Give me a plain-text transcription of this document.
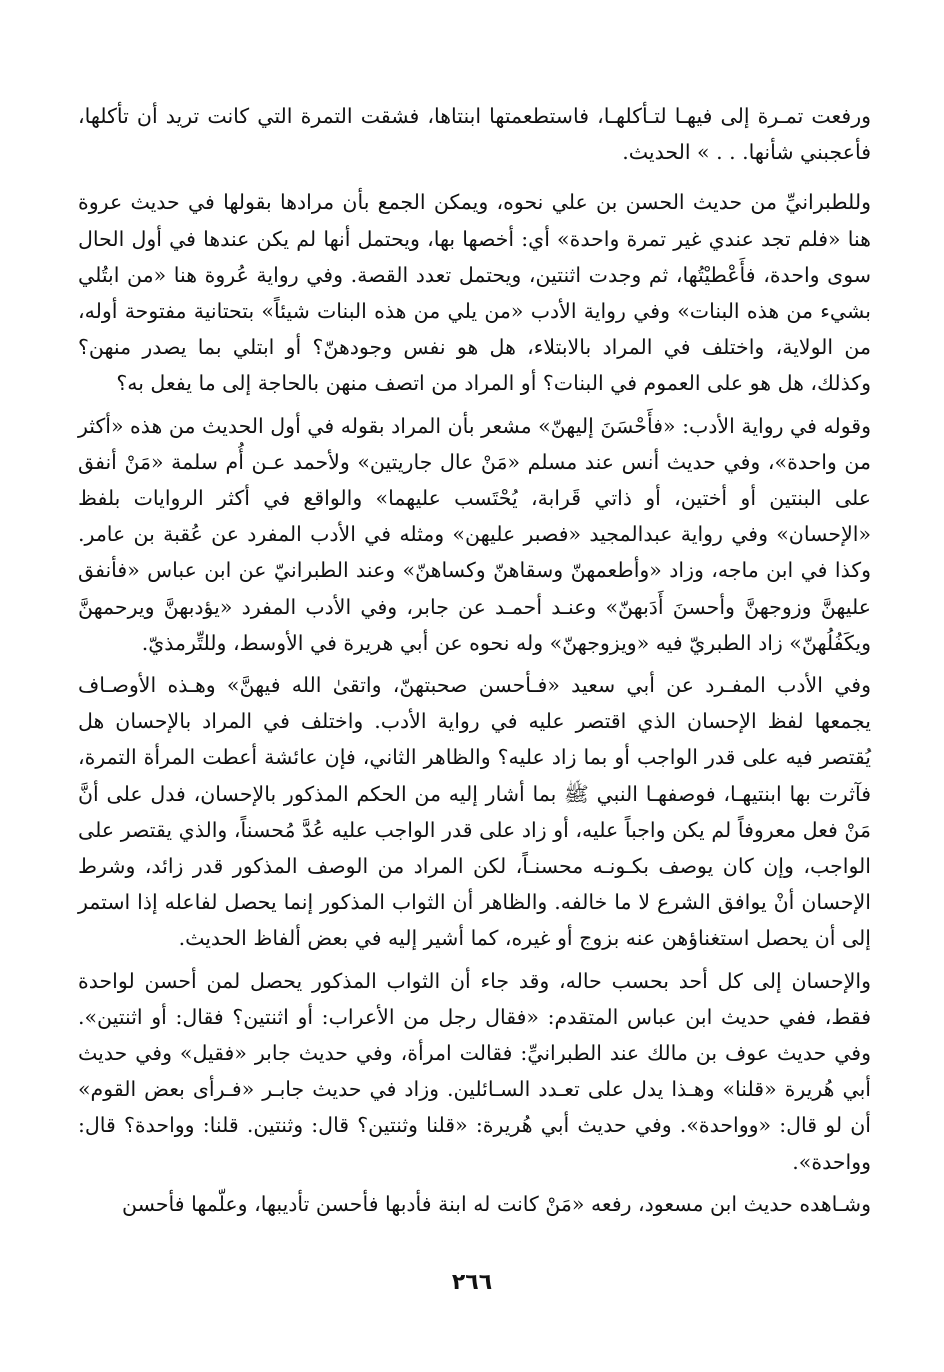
ورفعت تمـرة إلى فيهـا لتـأكلهـا، فاستطعمتها ابنتاها، فشقت التمرة التي كانت تريد أن تأكلها، فأعجبني شأنها. . . » الحديث.

وللطبرانيِّ من حديث الحسن بن علي نحوه، ويمكن الجمع بأن مرادها بقولها في حديث عروة هنا «فلم تجد عندي غير تمرة واحدة» أي: أخصها بها، ويحتمل أنها لم يكن عندها في أول الحال سوى واحدة، فأَعْطيْتُها، ثم وجدت اثنتين، ويحتمل تعدد القصة. وفي رواية عُروة هنا «من ابتُلي بشيء من هذه البنات» وفي رواية الأدب «من يلي من هذه البنات شيئاً» بتحتانية مفتوحة أوله، من الولاية، واختلف في المراد بالابتلاء، هل هو نفس وجودهنّ؟ أو ابتلي بما يصدر منهن؟ وكذلك، هل هو على العموم في البنات؟ أو المراد من اتصف منهن بالحاجة إلى ما يفعل به؟

وقوله في رواية الأدب: «فأَحْسَنَ إليهنّ» مشعر بأن المراد بقوله في أول الحديث من هذه «أكثر من واحدة»، وفي حديث أنس عند مسلم «مَنْ عال جاريتين» ولأحمد عـن أُم سلمة «مَنْ أنفق على البنتين أو أختين، أو ذاتي قَرابة، يُحْتَسب عليهما» والواقع في أكثر الروايات بلفظ «الإحسان» وفي رواية عبدالمجيد «فصبر عليهن» ومثله في الأدب المفرد عن عُقبة بن عامر. وكذا في ابن ماجه، وزاد «وأطعمهنّ وسقاهنّ وكساهنّ» وعند الطبرانيّ عن ابن عباس «فأنفق عليهنَّ وزوجهنَّ وأحسنَ أَدَبهنّ» وعنـد أحمـد عن جابر، وفي الأدب المفرد «يؤدبهنَّ ويرحمهنَّ ويكَفُلُهنّ» زاد الطبريّ فيه «ويزوجهنّ» وله نحوه عن أبي هريرة في الأوسط، وللتِّرمذيّ.

وفي الأدب المفـرد عن أبي سعيد «فـأحسن صحبتهنّ، واتقىٰ الله فيهنَّ» وهـذه الأوصـاف يجمعها لفظ الإحسان الذي اقتصر عليه في رواية الأدب. واختلف في المراد بالإحسان هل يُقتصر فيه على قدر الواجب أو بما زاد عليه؟ والظاهر الثاني، فإن عائشة أعطت المرأة التمرة، فآثرت بها ابنتيهـا، فوصفهـا النبي ﷺ بما أشار إليه من الحكم المذكور بالإحسان، فدل على أنَّ مَنْ فعل معروفاً لم يكن واجباً عليه، أو زاد على قدر الواجب عليه عُدَّ مُحسناً، والذي يقتصر على الواجب، وإن كان يوصف بكـونـه محسنـاً، لكن المراد من الوصف المذكور قدر زائد، وشرط الإحسان أنْ يوافق الشرع لا ما خالفه. والظاهر أن الثواب المذكور إنما يحصل لفاعله إذا استمر إلى أن يحصل استغناؤهن عنه بزوج أو غيره، كما أشير إليه في بعض ألفاظ الحديث.

والإحسان إلى كل أحد بحسب حاله، وقد جاء أن الثواب المذكور يحصل لمن أحسن لواحدة فقط، ففي حديث ابن عباس المتقدم: «فقال رجل من الأعراب: أو اثنتين؟ فقال: أو اثنتين». وفي حديث عوف بن مالك عند الطبرانيِّ: فقالت امرأة، وفي حديث جابر «فقيل» وفي حديث أبي هُريرة «قلنا» وهـذا يدل على تعـدد السـائلين. وزاد في حديث جابـر «فـرأى بعض القوم» أن لو قال: «وواحدة». وفي حديث أبي هُريرة: «قلنا وثنتين؟ قال: وثنتين. قلنا: وواحدة؟ قال: وواحدة».

وشـاهده حديث ابن مسعود، رفعه «مَنْ كانت له ابنة فأدبها فأحسن تأديبها، وعلّمها فأحسن

٢٦٦
